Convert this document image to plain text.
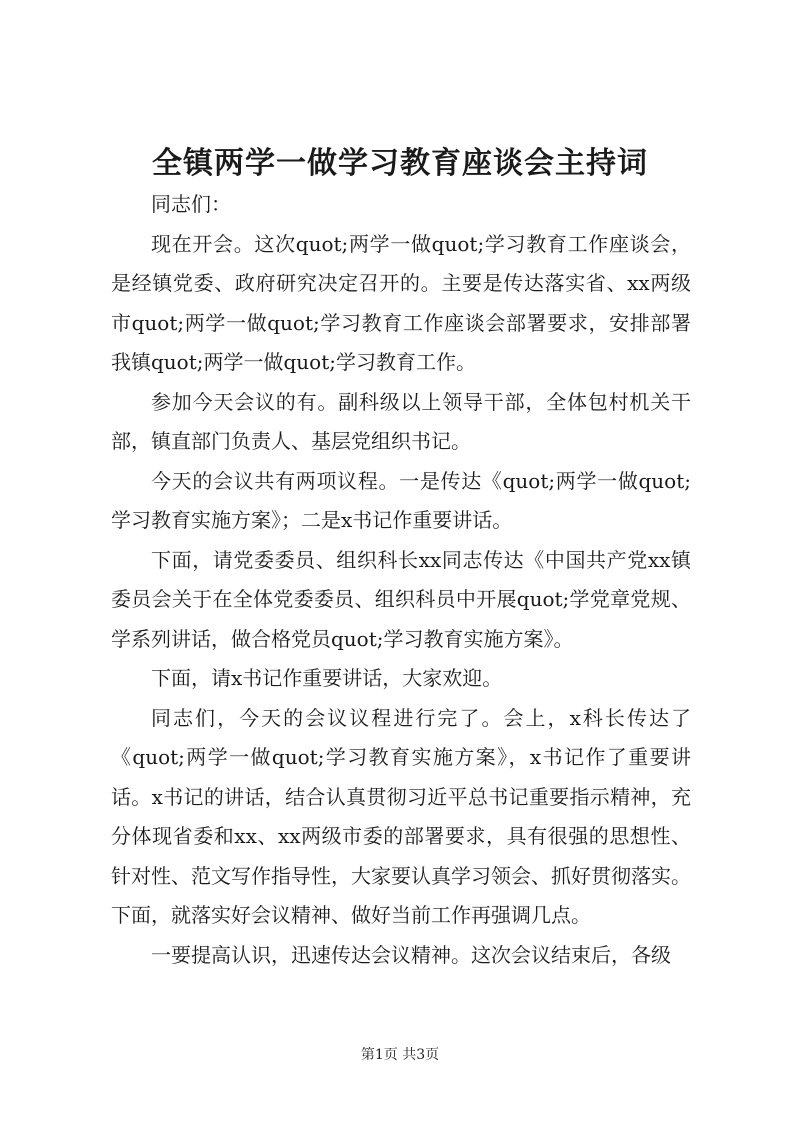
全镇两学一做学习教育座谈会主持词

同志们：

现在开会。这次quot;两学一做quot;学习教育工作座谈会，是经镇党委、政府研究决定召开的。主要是传达落实省、xx两级市quot;两学一做quot;学习教育工作座谈会部署要求，安排部署我镇quot;两学一做quot;学习教育工作。

参加今天会议的有。副科级以上领导干部，全体包村机关干部，镇直部门负责人、基层党组织书记。

今天的会议共有两项议程。一是传达《quot;两学一做quot;学习教育实施方案》；二是x书记作重要讲话。

下面，请党委委员、组织科长xx同志传达《中国共产党xx镇委员会关于在全体党委委员、组织科员中开展quot;学党章党规、学系列讲话，做合格党员quot;学习教育实施方案》。

下面，请x书记作重要讲话，大家欢迎。

同志们，今天的会议议程进行完了。会上，x科长传达了《quot;两学一做quot;学习教育实施方案》，x书记作了重要讲话。x书记的讲话，结合认真贯彻习近平总书记重要指示精神，充分体现省委和xx、xx两级市委的部署要求，具有很强的思想性、针对性、范文写作指导性，大家要认真学习领会、抓好贯彻落实。下面，就落实好会议精神、做好当前工作再强调几点。

一要提高认识，迅速传达会议精神。这次会议结束后，各级

第1页 共3页
